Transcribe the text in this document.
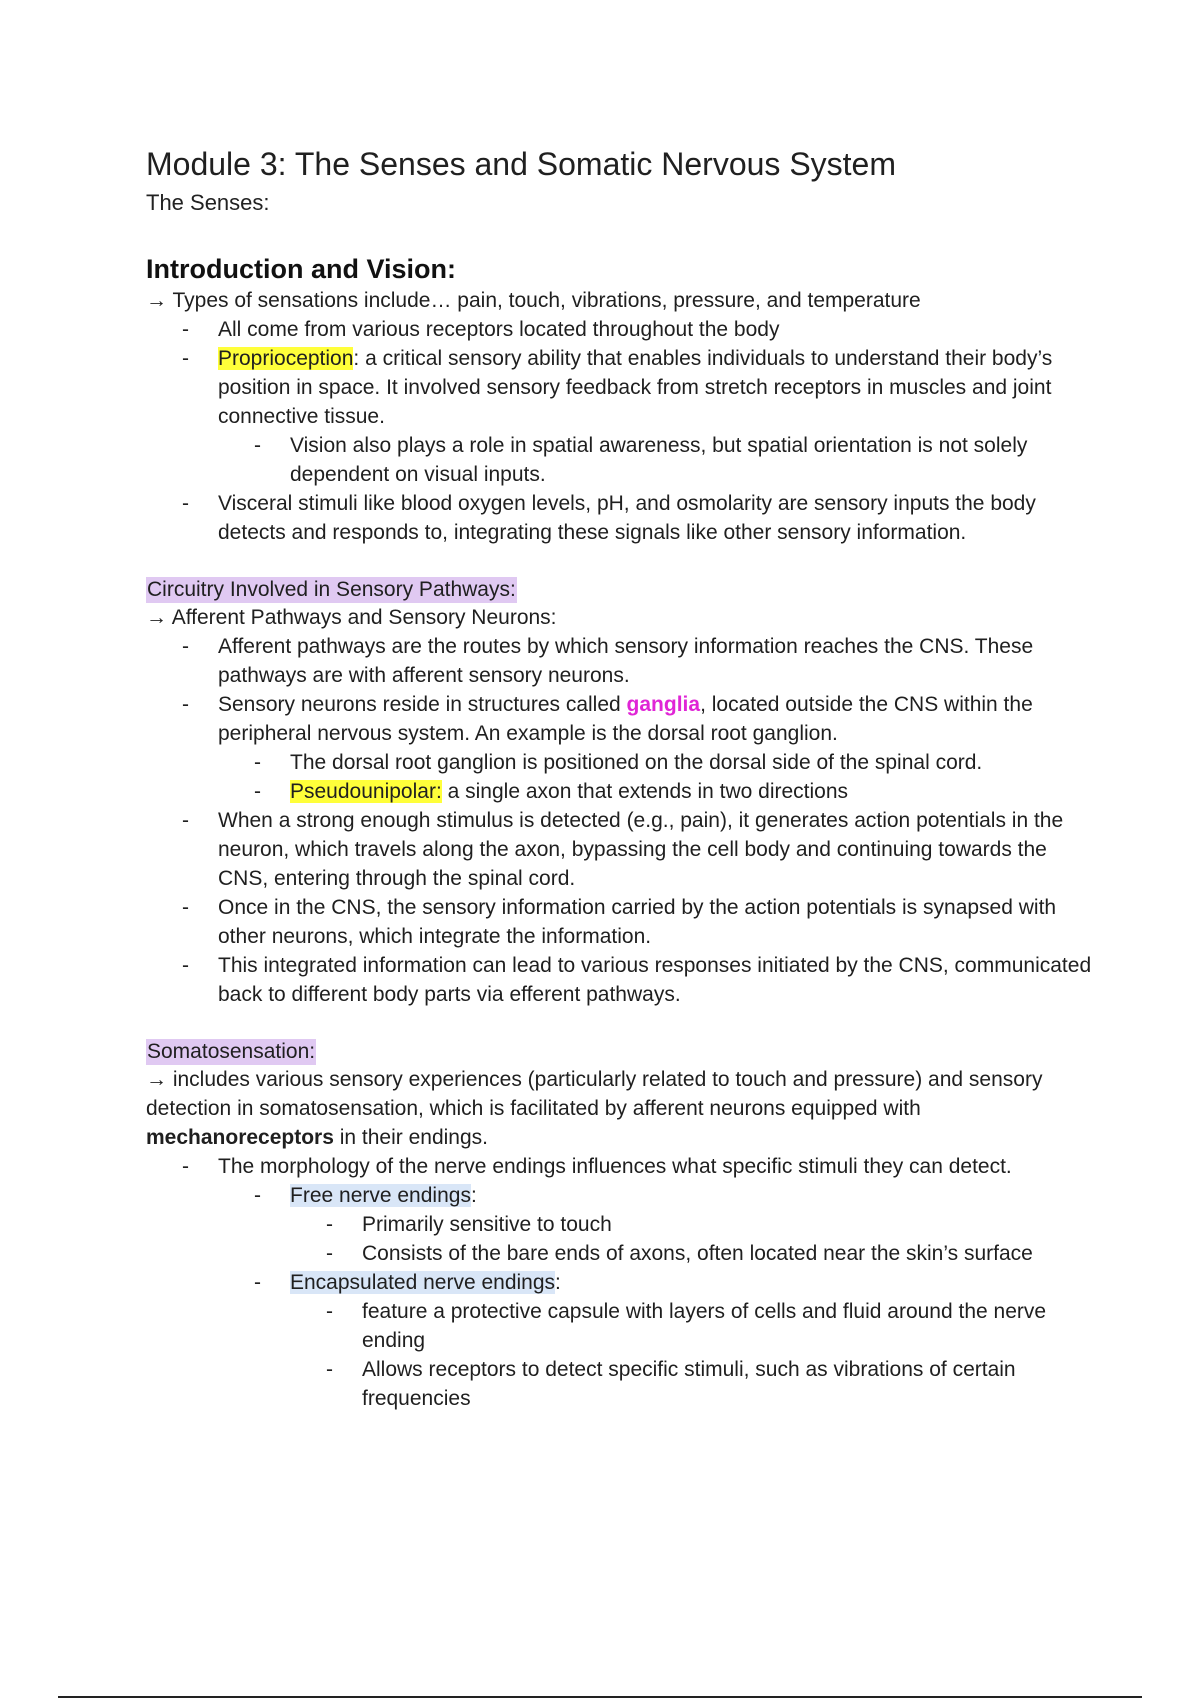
Module 3: The Senses and Somatic Nervous System

The Senses:

Introduction and Vision:

→ Types of sensations include… pain, touch, vibrations, pressure, and temperature

- All come from various receptors located throughout the body
- Proprioception: a critical sensory ability that enables individuals to understand their body’s position in space. It involved sensory feedback from stretch receptors in muscles and joint connective tissue.
- Vision also plays a role in spatial awareness, but spatial orientation is not solely dependent on visual inputs.
- Visceral stimuli like blood oxygen levels, pH, and osmolarity are sensory inputs the body detects and responds to, integrating these signals like other sensory information.
Circuitry Involved in Sensory Pathways:

→ Afferent Pathways and Sensory Neurons:

- Afferent pathways are the routes by which sensory information reaches the CNS. These pathways are with afferent sensory neurons.
- Sensory neurons reside in structures called ganglia, located outside the CNS within the peripheral nervous system. An example is the dorsal root ganglion.
- The dorsal root ganglion is positioned on the dorsal side of the spinal cord.
- Pseudounipolar: a single axon that extends in two directions
- When a strong enough stimulus is detected (e.g., pain), it generates action potentials in the neuron, which travels along the axon, bypassing the cell body and continuing towards the CNS, entering through the spinal cord.
- Once in the CNS, the sensory information carried by the action potentials is synapsed with other neurons, which integrate the information.
- This integrated information can lead to various responses initiated by the CNS, communicated back to different body parts via efferent pathways.
Somatosensation:

→ includes various sensory experiences (particularly related to touch and pressure) and sensory detection in somatosensation, which is facilitated by afferent neurons equipped with mechanoreceptors in their endings.

- The morphology of the nerve endings influences what specific stimuli they can detect.
- Free nerve endings:
- Primarily sensitive to touch
- Consists of the bare ends of axons, often located near the skin’s surface
- Encapsulated nerve endings:
- feature a protective capsule with layers of cells and fluid around the nerve ending
- Allows receptors to detect specific stimuli, such as vibrations of certain frequencies
